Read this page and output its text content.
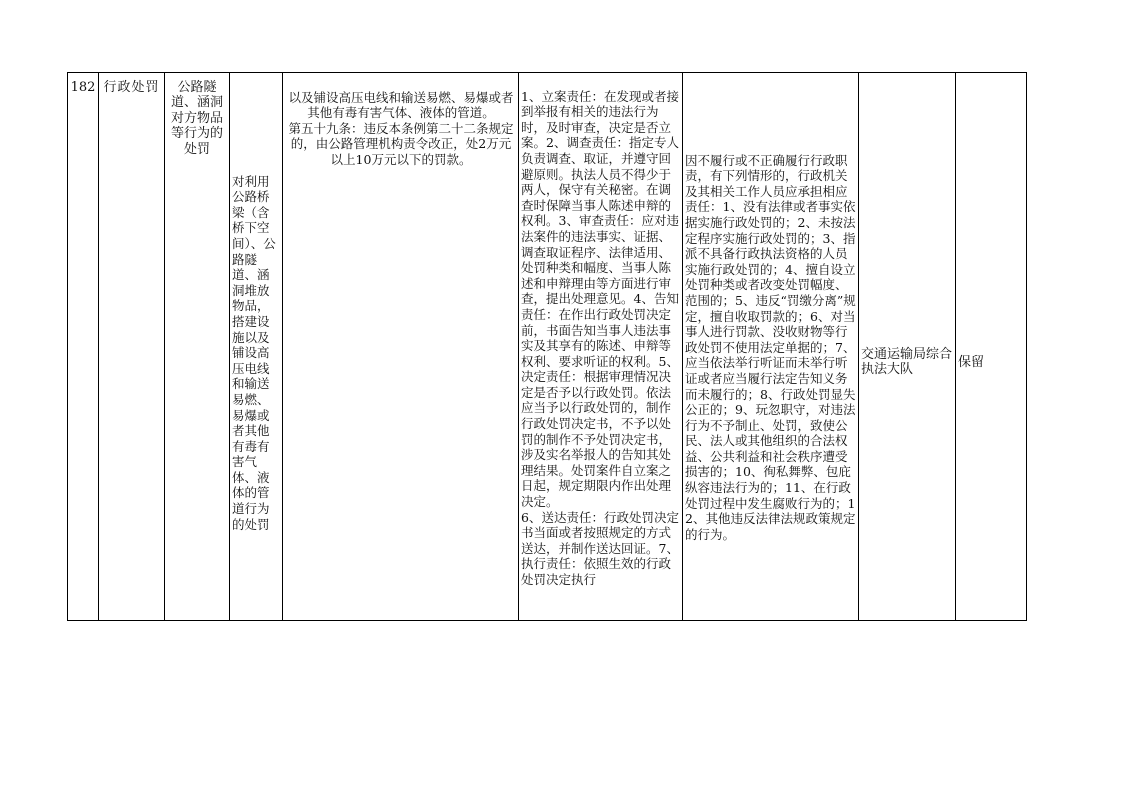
182 行政处罚	公路隧道、涵洞对方物品等行为的处罚

对利用公路桥梁（含桥下空间）、公路隧道、涵洞堆放物品，搭建设施以及铺设高压电线和输送易燃、易爆或者其他有毒有害气体、液体的管道行为的处罚

以及铺设高压电线和输送易燃、易爆或者其他有毒有害气体、液体的管道。
第五十九条：违反本条例第二十二条规定的，由公路管理机构责令改正，处2万元以上10万元以下的罚款。

1、立案责任：在发现或者接到举报有相关的违法行为时，及时审查，决定是否立案。2、调查责任：指定专人负责调查、取证，并遵守回避原则。执法人员不得少于两人，保守有关秘密。在调查时保障当事人陈述申辩的权利。3、审查责任：应对违法案件的违法事实、证据、调查取证程序、法律适用、处罚种类和幅度、当事人陈述和申辩理由等方面进行审查，提出处理意见。4、告知责任：在作出行政处罚决定前，书面告知当事人违法事实及其享有的陈述、申辩等权利、要求听证的权利。5、决定责任：根据审理情况决定是否予以行政处罚。依法应当予以行政处罚的，制作行政处罚决定书，不予以处罚的制作不予处罚决定书，涉及实名举报人的告知其处理结果。处罚案件自立案之日起，规定期限内作出处理决定。
6、送达责任：行政处罚决定书当面或者按照规定的方式送达，并制作送达回证。7、执行责任：依照生效的行政处罚决定执行

因不履行或不正确履行行政职责，有下列情形的，行政机关及其相关工作人员应承担相应责任：1、没有法律或者事实依据实施行政处罚的；2、未按法定程序实施行政处罚的；3、指派不具备行政执法资格的人员实施行政处罚的；4、擅自设立处罚种类或者改变处罚幅度、范围的；5、违反“罚缴分离”规定，擅自收取罚款的；6、对当事人进行罚款、没收财物等行政处罚不使用法定单据的；7、应当依法举行听证而未举行听证或者应当履行法定告知义务而未履行的；8、行政处罚显失公正的；9、玩忽职守，对违法行为不予制止、处罚，致使公民、法人或其他组织的合法权益、公共利益和社会秩序遭受损害的；10、徇私舞弊、包庇纵容违法行为的；11、在行政处罚过程中发生腐败行为的；12、其他违反法律法规政策规定的行为。

交通运输局综合执法大队

保留
